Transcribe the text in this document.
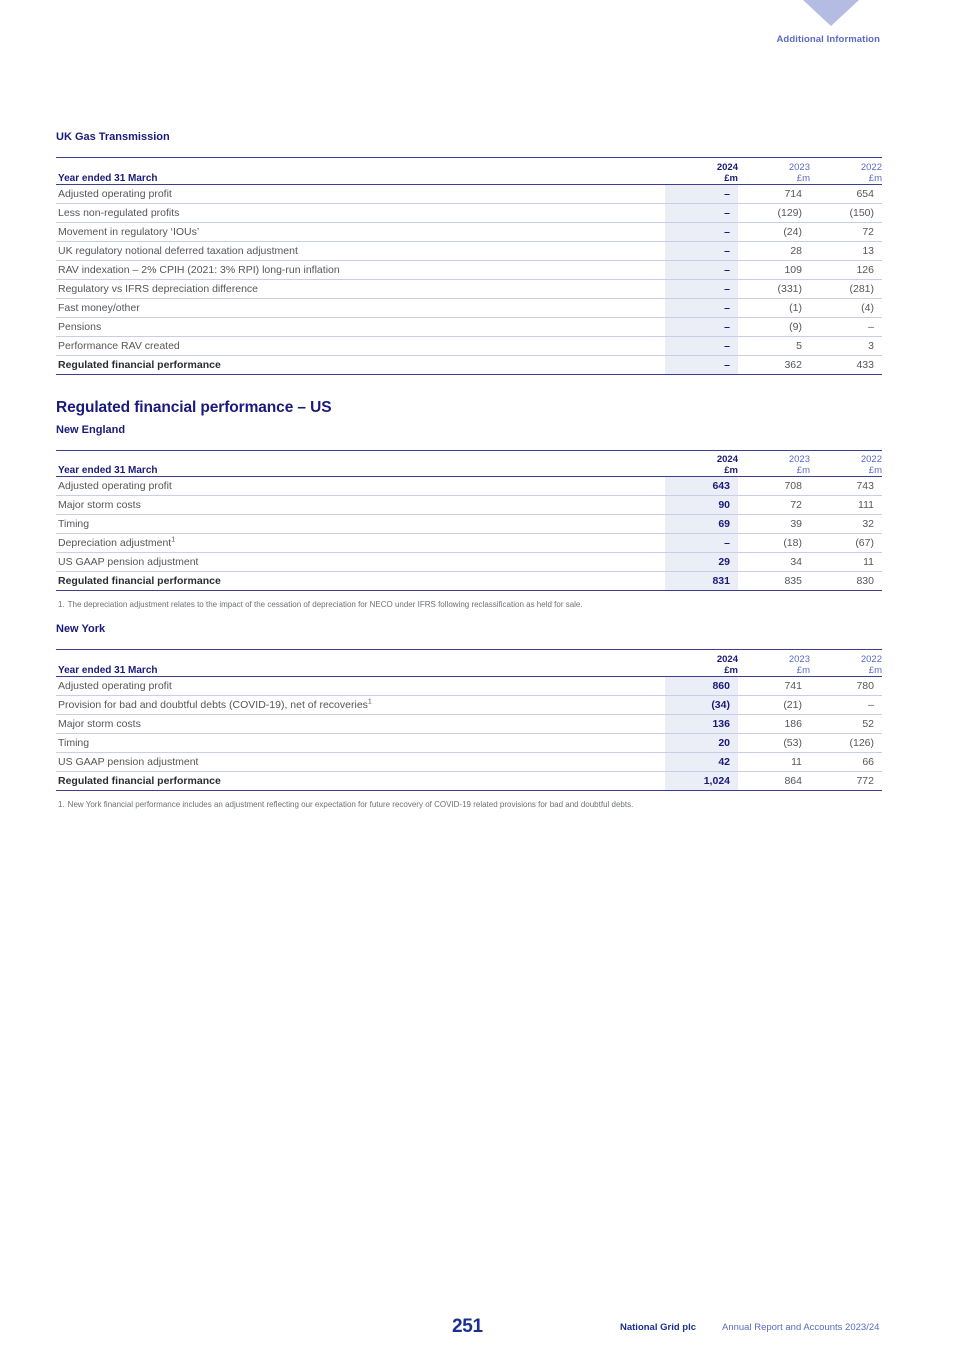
Additional Information
UK Gas Transmission

	2024	2023	2022
Year ended 31 March	£m	£m	£m
Adjusted operating profit	–	714	654
Less non-regulated profits	–	(129)	(150)
Movement in regulatory ‘IOUs’	–	(24)	72
UK regulatory notional deferred taxation adjustment	–	28	13
RAV indexation – 2% CPIH (2021: 3% RPI) long-run inflation	–	109	126
Regulatory vs IFRS depreciation difference	–	(331)	(281)
Fast money/other	–	(1)	(4)
Pensions	–	(9)	–
Performance RAV created	–	5	3
Regulated financial performance	–	362	433
Regulated financial performance – US
New England

	2024	2023	2022
Year ended 31 March	£m	£m	£m
Adjusted operating profit	643	708	743
Major storm costs	90	72	111
Timing	69	39	32
Depreciation adjustment$^1$	–	(18)	(67)
US GAAP pension adjustment	29	34	11
Regulated financial performance	831	835	830

1. The depreciation adjustment relates to the impact of the cessation of depreciation for NECO under IFRS following reclassification as held for sale.

New York

	2024	2023	2022
Year ended 31 March	£m	£m	£m
Adjusted operating profit	860	741	780
Provision for bad and doubtful debts (COVID-19), net of recoveries$^1$	(34)	(21)	–
Major storm costs	136	186	52
Timing	20	(53)	(126)
US GAAP pension adjustment	42	11	66
Regulated financial performance	1,024	864	772

1. New York financial performance includes an adjustment reflecting our expectation for future recovery of COVID-19 related provisions for bad and doubtful debts.

251	National Grid plc	Annual Report and Accounts 2023/24
